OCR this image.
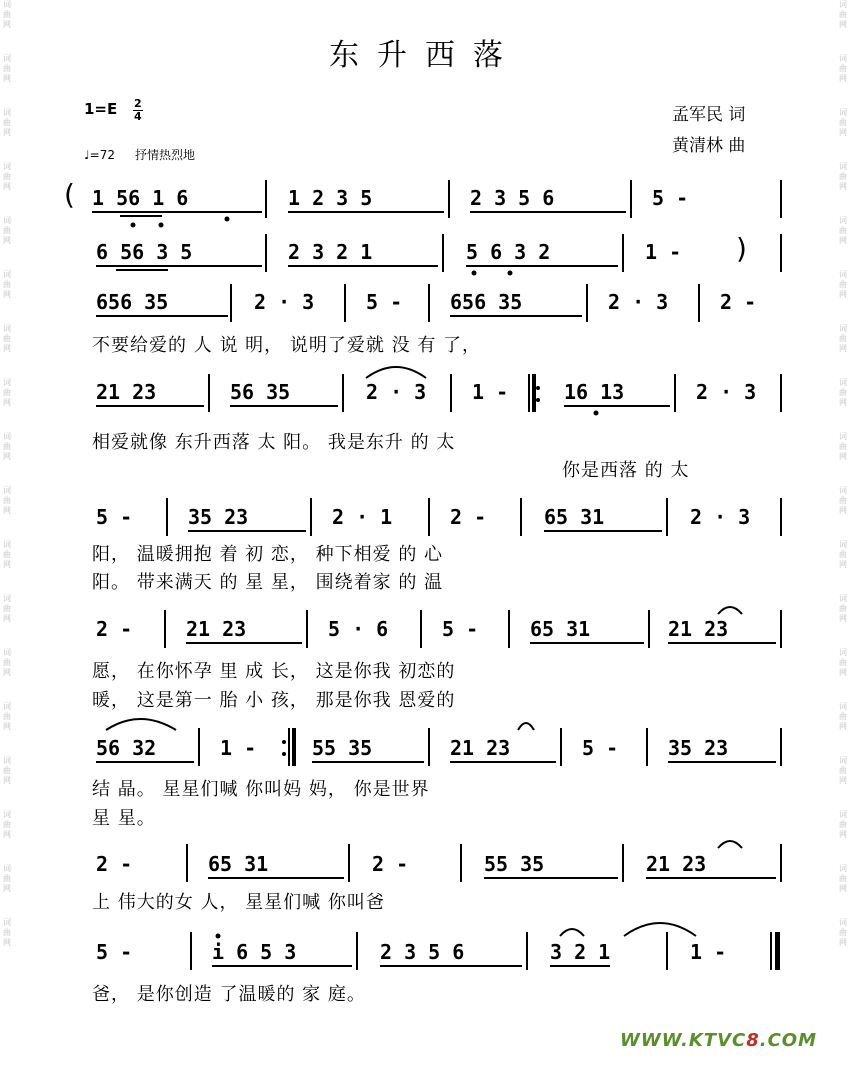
词曲网
词曲网
词曲网
词曲网
词曲网
词曲网
词曲网
词曲网
词曲网
词曲网
词曲网
词曲网
词曲网
词曲网
词曲网
词曲网
词曲网
词曲网
词曲网
词曲网
词曲网
词曲网
词曲网
词曲网
词曲网
词曲网
词曲网
词曲网
词曲网
词曲网
词曲网
词曲网
词曲网
词曲网
词曲网
词曲网
东升西落
1=E 2
4
♩=72 抒情热烈地
孟军民 词
黄清林 曲
( 1 56 1 6	1 2 3 5	2 3 5 6	5 -
6 56 3 5	2 3 2 1	5 6 3 2	1 - )
656 35	2 · 3	5 - 656 35	2 · 3	2 -
不要给爱的 人 说 明， 说明了爱就 没 有 了，
21 23	56 35	2 · 3 1 -	16 13	2 · 3
相爱就像 东升西落 太 阳。 我是东升 的 太
你是西落 的 太
5 -	35 23	2 · 1	2 -	65 31	2 · 3
阳， 温暖拥抱 着 初 恋， 种下相爱 的 心
阳。 带来满天 的 星 星， 围绕着家 的 温
2 -	21 23	5 · 6	5 -	65 31	21 23
愿， 在你怀孕 里 成 长， 这是你我 初恋的
暖， 这是第一 胎 小 孩， 那是你我 恩爱的
56 32	1 -	55 35	21 23	5 - 35 23
结 晶。 星星们喊 你叫妈 妈， 你是世界
星 星。
2 -	65 31	2 -	55 35	21 23
上 伟大的女 人， 星星们喊 你叫爸
5 -	i 6 5 3	2 3 5 6	3 2 1	1 -
爸， 是你创造 了温暖的 家 庭。
WWW.KTVC8.COM
